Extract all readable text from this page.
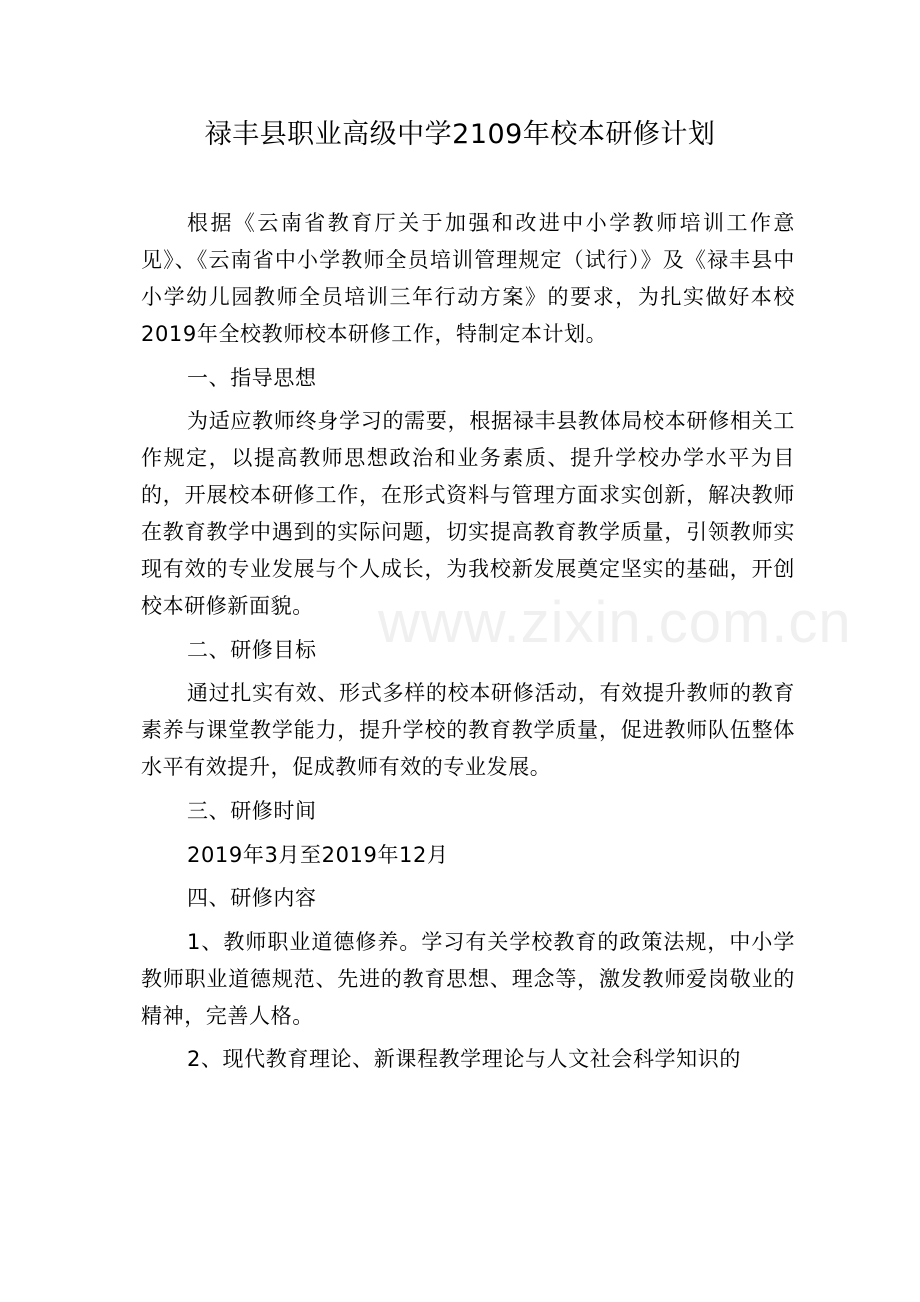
禄丰县职业高级中学2109年校本研修计划

根据《云南省教育厅关于加强和改进中小学教师培训工作意见》、《云南省中小学教师全员培训管理规定（试行）》及《禄丰县中小学幼儿园教师全员培训三年行动方案》的要求，为扎实做好本校2019年全校教师校本研修工作，特制定本计划。

一、指导思想

为适应教师终身学习的需要，根据禄丰县教体局校本研修相关工作规定，以提高教师思想政治和业务素质、提升学校办学水平为目的，开展校本研修工作，在形式资料与管理方面求实创新，解决教师在教育教学中遇到的实际问题，切实提高教育教学质量，引领教师实现有效的专业发展与个人成长，为我校新发展奠定坚实的基础，开创校本研修新面貌。

二、研修目标

通过扎实有效、形式多样的校本研修活动，有效提升教师的教育素养与课堂教学能力，提升学校的教育教学质量，促进教师队伍整体水平有效提升，促成教师有效的专业发展。

三、研修时间

2019年3月至2019年12月

四、研修内容

1、教师职业道德修养。学习有关学校教育的政策法规，中小学教师职业道德规范、先进的教育思想、理念等，激发教师爱岗敬业的精神，完善人格。

2、现代教育理论、新课程教学理论与人文社会科学知识的

www.zixin.com.cn
